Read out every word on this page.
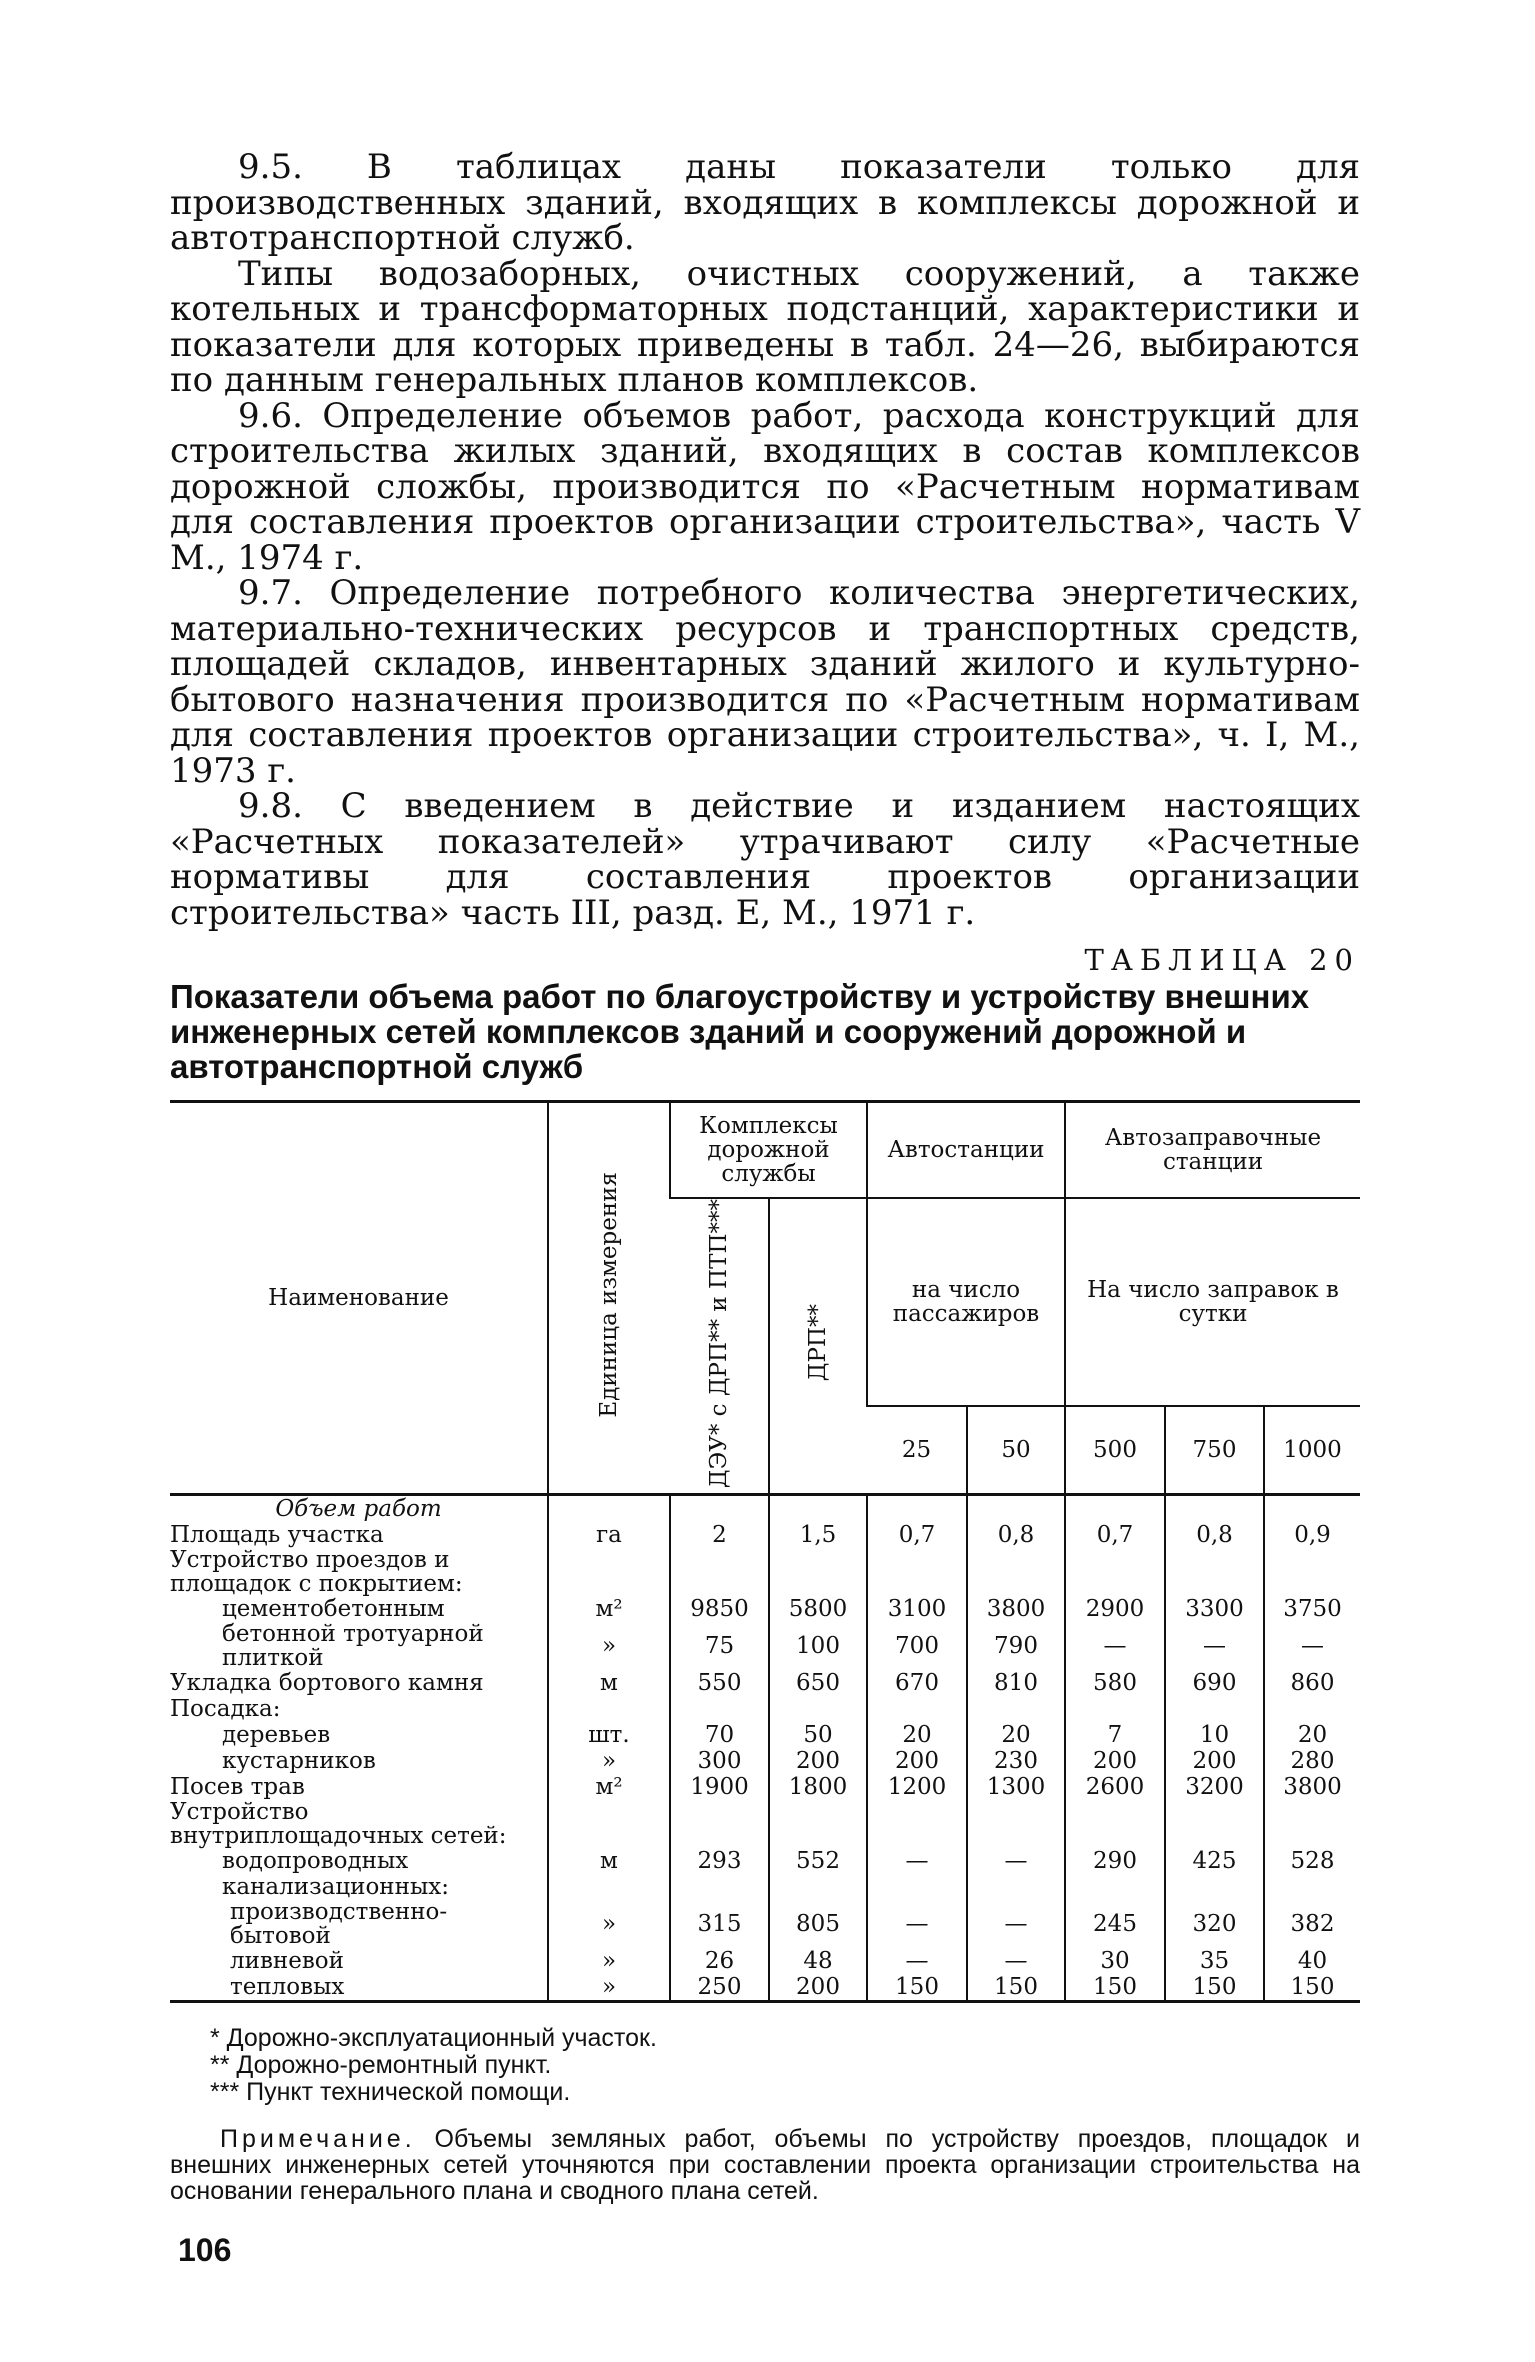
9.5. В таблицах даны показатели только для производственных зданий, входящих в комплексы дорожной и автотранспортной служб.

Типы водозаборных, очистных сооружений, а также котельных и трансформаторных подстанций, характеристики и показатели для которых приведены в табл. 24—26, выбираются по данным генеральных планов комплексов.

9.6. Определение объемов работ, расхода конструкций для строительства жилых зданий, входящих в состав комплексов дорожной сложбы, производится по «Расчетным нормативам для составления проектов организации строительства», часть V М., 1974 г.

9.7. Определение потребного количества энергетических, материально-технических ресурсов и транспортных средств, площадей складов, инвентарных зданий жилого и культурно-бытового назначения производится по «Расчетным нормативам для составления проектов организации строительства», ч. I, М., 1973 г.

9.8. С введением в действие и изданием настоящих «Расчетных показателей» утрачивают силу «Расчетные нормативы для составления проектов организации строительства» часть III, разд. Е, М., 1971 г.

ТАБЛИЦА 20
Показатели объема работ по благоустройству и устройству внешних инженерных сетей комплексов зданий и сооружений дорожной и автотранспортной служб
Наименование	Единица измерения	Комплексы дорожной службы		Автостанции		Автозаправочные станции		
		ДЭУ* с ДРП** и ПТП***	ДРП**	на число пассажиров		На число заправок в сутки		
				25	50	500	750	1000
Объем работ								
Площадь участка	га	2	1,5	0,7	0,8	0,7	0,8	0,9
Устройство проездов и площадок с покрытием:								
цементобетонным	м²	9850	5800	3100	3800	2900	3300	3750
бетонной тротуарной плиткой	»	75	100	700	790	—	—	—
Укладка бортового камня	м	550	650	670	810	580	690	860
Посадка:								
деревьев	шт.	70	50	20	20	7	10	20
кустарников	»	300	200	200	230	200	200	280
Посев трав	м²	1900	1800	1200	1300	2600	3200	3800
Устройство внутриплощадочных сетей:								
водопроводных	м	293	552	—	—	290	425	528
канализационных:								
производственно-бытовой	»	315	805	—	—	245	320	382
ливневой	»	26	48	—	—	30	35	40
тепловых	»	250	200	150	150	150	150	150
* Дорожно-эксплуатационный участок.
** Дорожно-ремонтный пункт.
*** Пункт технической помощи.
Примечание. Объемы земляных работ, объемы по устройству проездов, площадок и внешних инженерных сетей уточняются при составлении проекта организации строительства на основании генерального плана и сводного плана сетей.
106
